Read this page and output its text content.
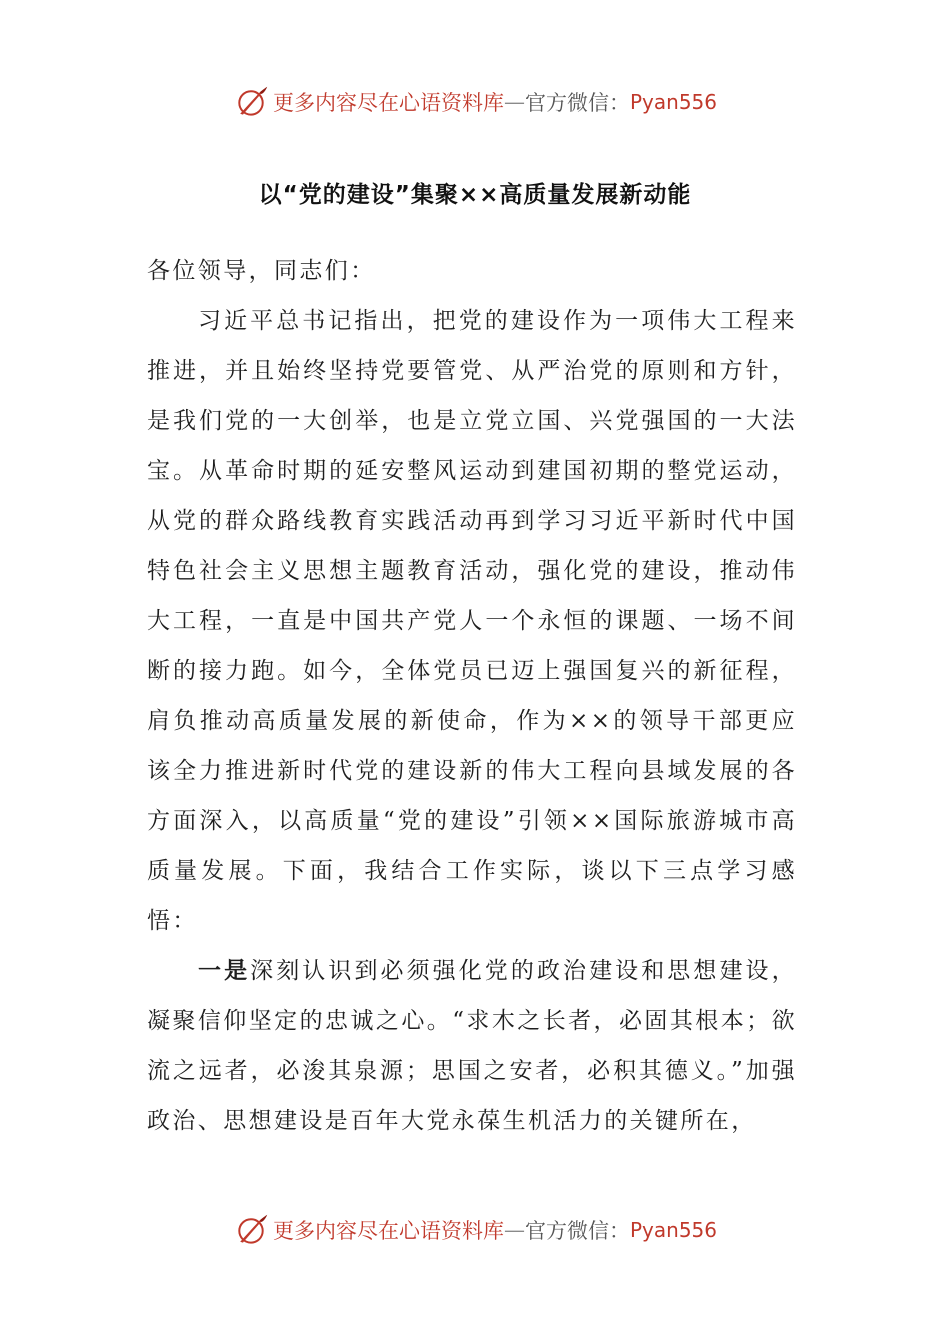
更多内容尽在心语资料库 — 官方微信： Pyan556
以“党的建设”集聚××高质量发展新动能

各位领导，同志们：

习近平总书记指出，把党的建设作为一项伟大工程来推进，并且始终坚持党要管党、从严治党的原则和方针，是我们党的一大创举，也是立党立国、兴党强国的一大法宝。从革命时期的延安整风运动到建国初期的整党运动，从党的群众路线教育实践活动再到学习习近平新时代中国特色社会主义思想主题教育活动，强化党的建设，推动伟大工程，一直是中国共产党人一个永恒的课题、一场不间断的接力跑。如今，全体党员已迈上强国复兴的新征程，肩负推动高质量发展的新使命，作为××的领导干部更应该全力推进新时代党的建设新的伟大工程向县域发展的各方面深入，以高质量“党的建设”引领××国际旅游城市高质量发展。下面，我结合工作实际，谈以下三点学习感悟：

一是深刻认识到必须强化党的政治建设和思想建设，凝聚信仰坚定的忠诚之心。“求木之长者，必固其根本；欲流之远者，必浚其泉源；思国之安者，必积其德义。”加强政治、思想建设是百年大党永葆生机活力的关键所在，

更多内容尽在心语资料库 — 官方微信： Pyan556
